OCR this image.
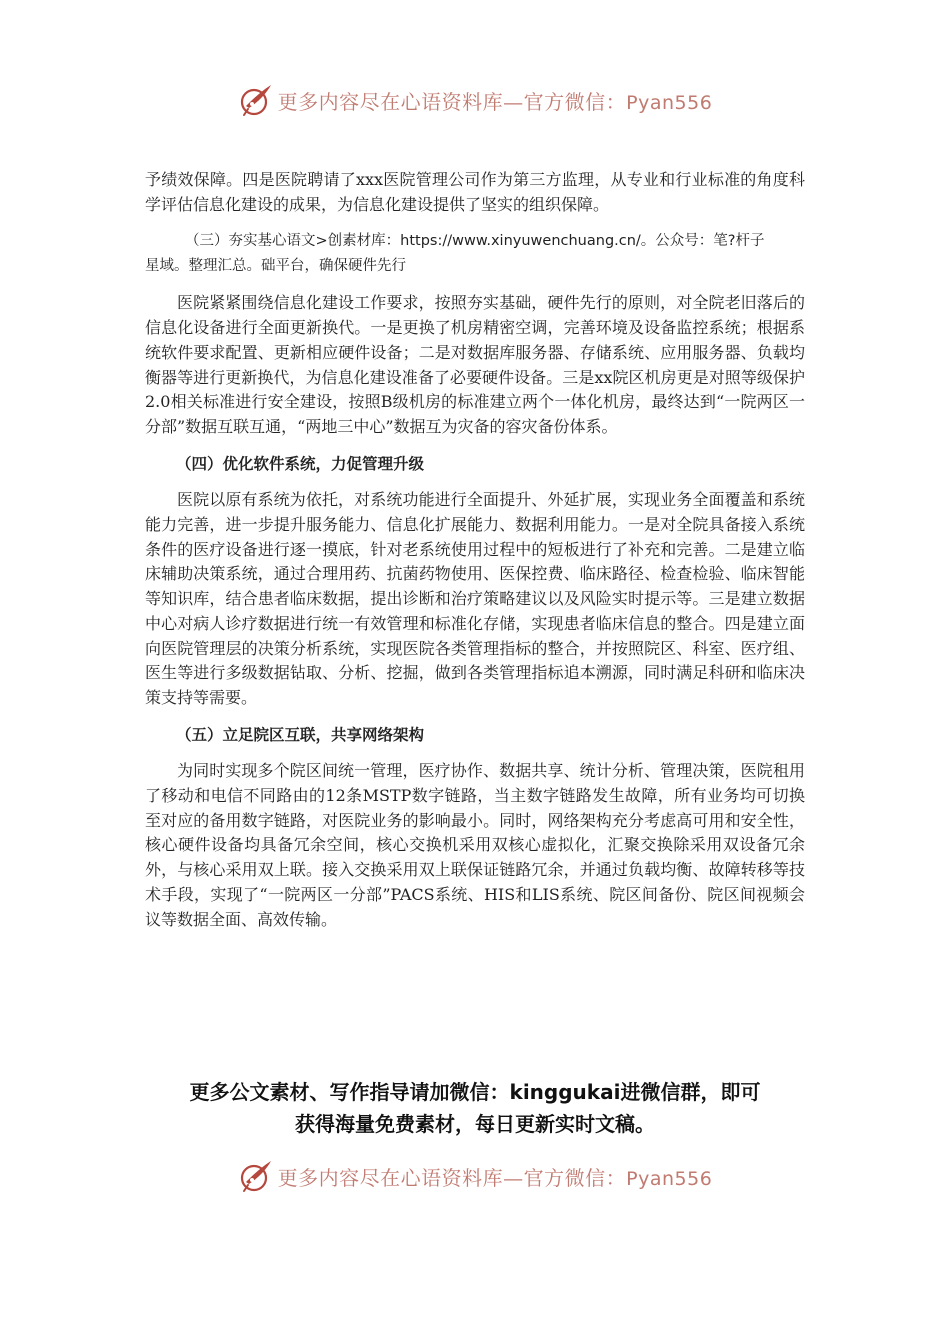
更多内容尽在心语资料库—官方微信：Pyan556

予绩效保障。四是医院聘请了xxx医院管理公司作为第三方监理，从专业和行业标准的角度科学评估信息化建设的成果，为信息化建设提供了坚实的组织保障。

（三）夯实基心语文>创素材库：https://www.xinyuwenchuang.cn/。公众号：笔?杆子
星域。整理汇总。础平台，确保硬件先行

医院紧紧围绕信息化建设工作要求，按照夯实基础，硬件先行的原则，对全院老旧落后的信息化设备进行全面更新换代。一是更换了机房精密空调，完善环境及设备监控系统；根据系统软件要求配置、更新相应硬件设备；二是对数据库服务器、存储系统、应用服务器、负载均衡器等进行更新换代，为信息化建设准备了必要硬件设备。三是xx院区机房更是对照等级保护2.0相关标准进行安全建设，按照B级机房的标准建立两个一体化机房，最终达到“一院两区一分部”数据互联互通，“两地三中心”数据互为灾备的容灾备份体系。

（四）优化软件系统，力促管理升级

医院以原有系统为依托，对系统功能进行全面提升、外延扩展，实现业务全面覆盖和系统能力完善，进一步提升服务能力、信息化扩展能力、数据利用能力。一是对全院具备接入系统条件的医疗设备进行逐一摸底，针对老系统使用过程中的短板进行了补充和完善。二是建立临床辅助决策系统，通过合理用药、抗菌药物使用、医保控费、临床路径、检查检验、临床智能等知识库，结合患者临床数据，提出诊断和治疗策略建议以及风险实时提示等。三是建立数据中心对病人诊疗数据进行统一有效管理和标准化存储，实现患者临床信息的整合。四是建立面向医院管理层的决策分析系统，实现医院各类管理指标的整合，并按照院区、科室、医疗组、医生等进行多级数据钻取、分析、挖掘，做到各类管理指标追本溯源，同时满足科研和临床决策支持等需要。

（五）立足院区互联，共享网络架构

为同时实现多个院区间统一管理，医疗协作、数据共享、统计分析、管理决策，医院租用了移动和电信不同路由的12条MSTP数字链路，当主数字链路发生故障，所有业务均可切换至对应的备用数字链路，对医院业务的影响最小。同时，网络架构充分考虑高可用和安全性，核心硬件设备均具备冗余空间，核心交换机采用双核心虚拟化，汇聚交换除采用双设备冗余外，与核心采用双上联。接入交换采用双上联保证链路冗余，并通过负载均衡、故障转移等技术手段，实现了“一院两区一分部”PACS系统、HIS和LIS系统、院区间备份、院区间视频会议等数据全面、高效传输。

更多公文素材、写作指导请加微信：kinggukai进微信群，即可
获得海量免费素材，每日更新实时文稿。
更多内容尽在心语资料库—官方微信：Pyan556
